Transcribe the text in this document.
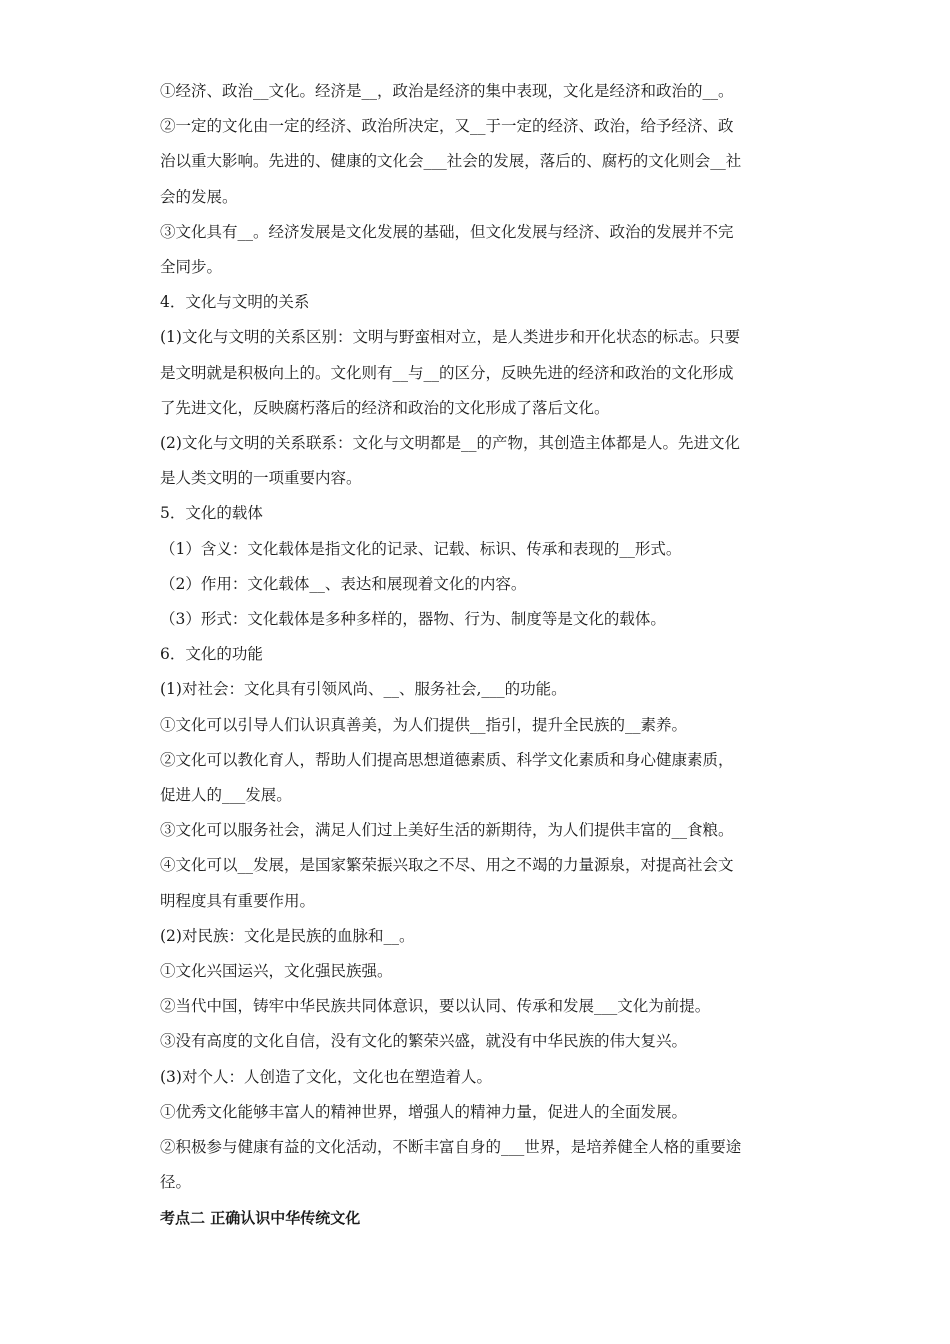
①经济、政治__文化。经济是__，政治是经济的集中表现，文化是经济和政治的__。

②一定的文化由一定的经济、政治所决定，又__于一定的经济、政治，给予经济、政

治以重大影响。先进的、健康的文化会___社会的发展，落后的、腐朽的文化则会__社

会的发展。

③文化具有__。经济发展是文化发展的基础，但文化发展与经济、政治的发展并不完

全同步。

4．文化与文明的关系

(1)文化与文明的关系区别：文明与野蛮相对立，是人类进步和开化状态的标志。只要

是文明就是积极向上的。文化则有__与__的区分，反映先进的经济和政治的文化形成

了先进文化，反映腐朽落后的经济和政治的文化形成了落后文化。

(2)文化与文明的关系联系：文化与文明都是__的产物，其创造主体都是人。先进文化

是人类文明的一项重要内容。

5．文化的载体

（1）含义：文化载体是指文化的记录、记载、标识、传承和表现的__形式。

（2）作用：文化载体__、表达和展现着文化的内容。

（3）形式：文化载体是多种多样的，器物、行为、制度等是文化的载体。

6．文化的功能

(1)对社会：文化具有引领风尚、__、服务社会,___的功能。

①文化可以引导人们认识真善美，为人们提供__指引，提升全民族的__素养。

②文化可以教化育人，帮助人们提高思想道德素质、科学文化素质和身心健康素质，

促进人的___发展。

③文化可以服务社会，满足人们过上美好生活的新期待，为人们提供丰富的__食粮。

④文化可以__发展，是国家繁荣振兴取之不尽、用之不竭的力量源泉，对提高社会文

明程度具有重要作用。

(2)对民族：文化是民族的血脉和__。

①文化兴国运兴，文化强民族强。

②当代中国，铸牢中华民族共同体意识，要以认同、传承和发展___文化为前提。

③没有高度的文化自信，没有文化的繁荣兴盛，就没有中华民族的伟大复兴。

(3)对个人：人创造了文化，文化也在塑造着人。

①优秀文化能够丰富人的精神世界，增强人的精神力量，促进人的全面发展。

②积极参与健康有益的文化活动，不断丰富自身的___世界，是培养健全人格的重要途

径。

考点二 正确认识中华传统文化
